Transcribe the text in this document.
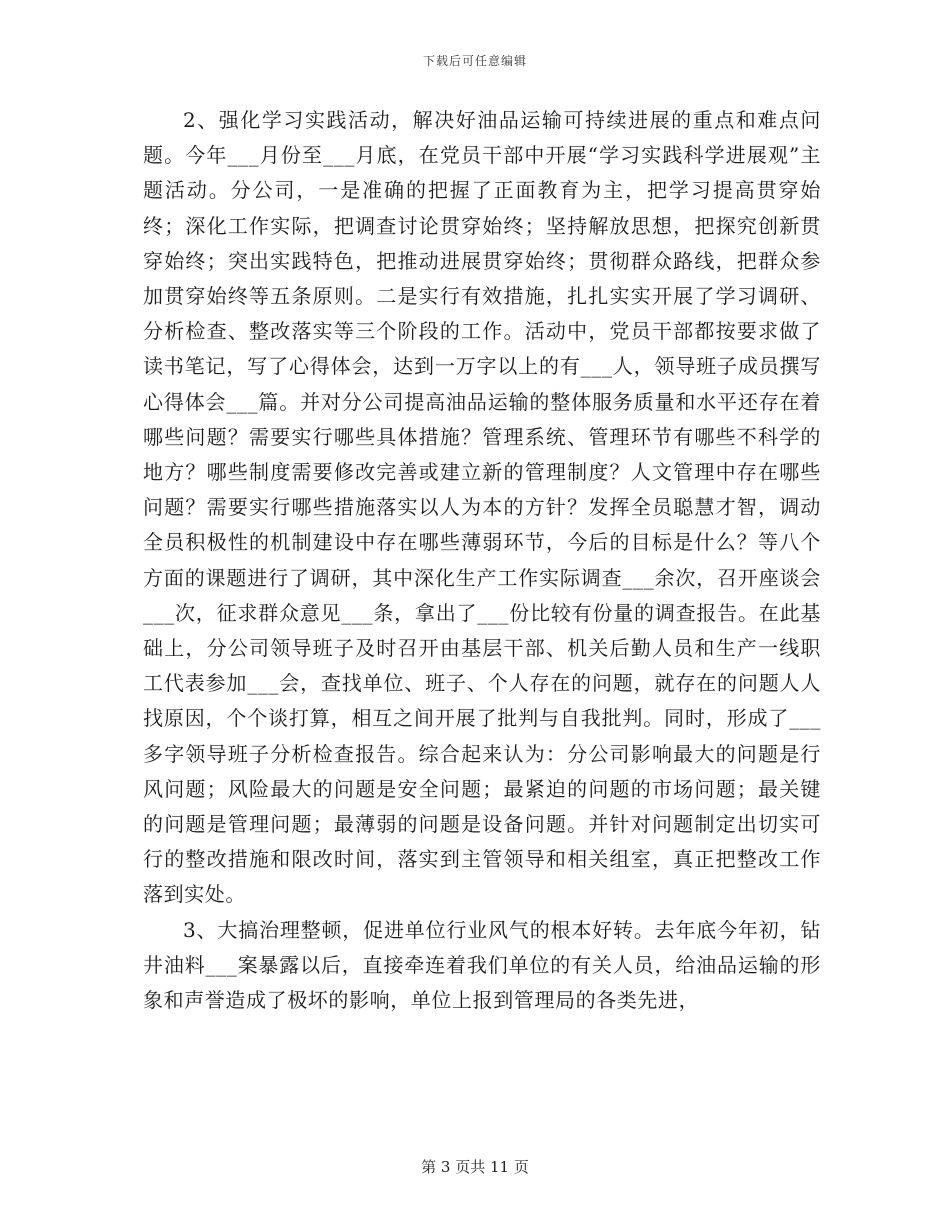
下载后可任意编辑

2、强化学习实践活动，解决好油品运输可持续进展的重点和难点问题。今年___月份至___月底，在党员干部中开展“学习实践科学进展观”主题活动。分公司，一是准确的把握了正面教育为主，把学习提高贯穿始终；深化工作实际，把调查讨论贯穿始终；坚持解放思想，把探究创新贯穿始终；突出实践特色，把推动进展贯穿始终；贯彻群众路线，把群众参加贯穿始终等五条原则。二是实行有效措施，扎扎实实开展了学习调研、分析检查、整改落实等三个阶段的工作。活动中，党员干部都按要求做了读书笔记，写了心得体会，达到一万字以上的有___人，领导班子成员撰写心得体会___篇。并对分公司提高油品运输的整体服务质量和水平还存在着哪些问题？需要实行哪些具体措施？管理系统、管理环节有哪些不科学的地方？哪些制度需要修改完善或建立新的管理制度？人文管理中存在哪些问题？需要实行哪些措施落实以人为本的方针？发挥全员聪慧才智，调动全员积极性的机制建设中存在哪些薄弱环节，今后的目标是什么？等八个方面的课题进行了调研，其中深化生产工作实际调查___余次，召开座谈会___次，征求群众意见___条，拿出了___份比较有份量的调查报告。在此基础上，分公司领导班子及时召开由基层干部、机关后勤人员和生产一线职工代表参加___会，查找单位、班子、个人存在的问题，就存在的问题人人找原因，个个谈打算，相互之间开展了批判与自我批判。同时，形成了___多字领导班子分析检查报告。综合起来认为：分公司影响最大的问题是行风问题；风险最大的问题是安全问题；最紧迫的问题的市场问题；最关键的问题是管理问题；最薄弱的问题是设备问题。并针对问题制定出切实可行的整改措施和限改时间，落实到主管领导和相关组室，真正把整改工作落到实处。

3、大搞治理整顿，促进单位行业风气的根本好转。去年底今年初，钻井油料___案暴露以后，直接牵连着我们单位的有关人员，给油品运输的形象和声誉造成了极坏的影响，单位上报到管理局的各类先进，

第 3 页共 11 页
